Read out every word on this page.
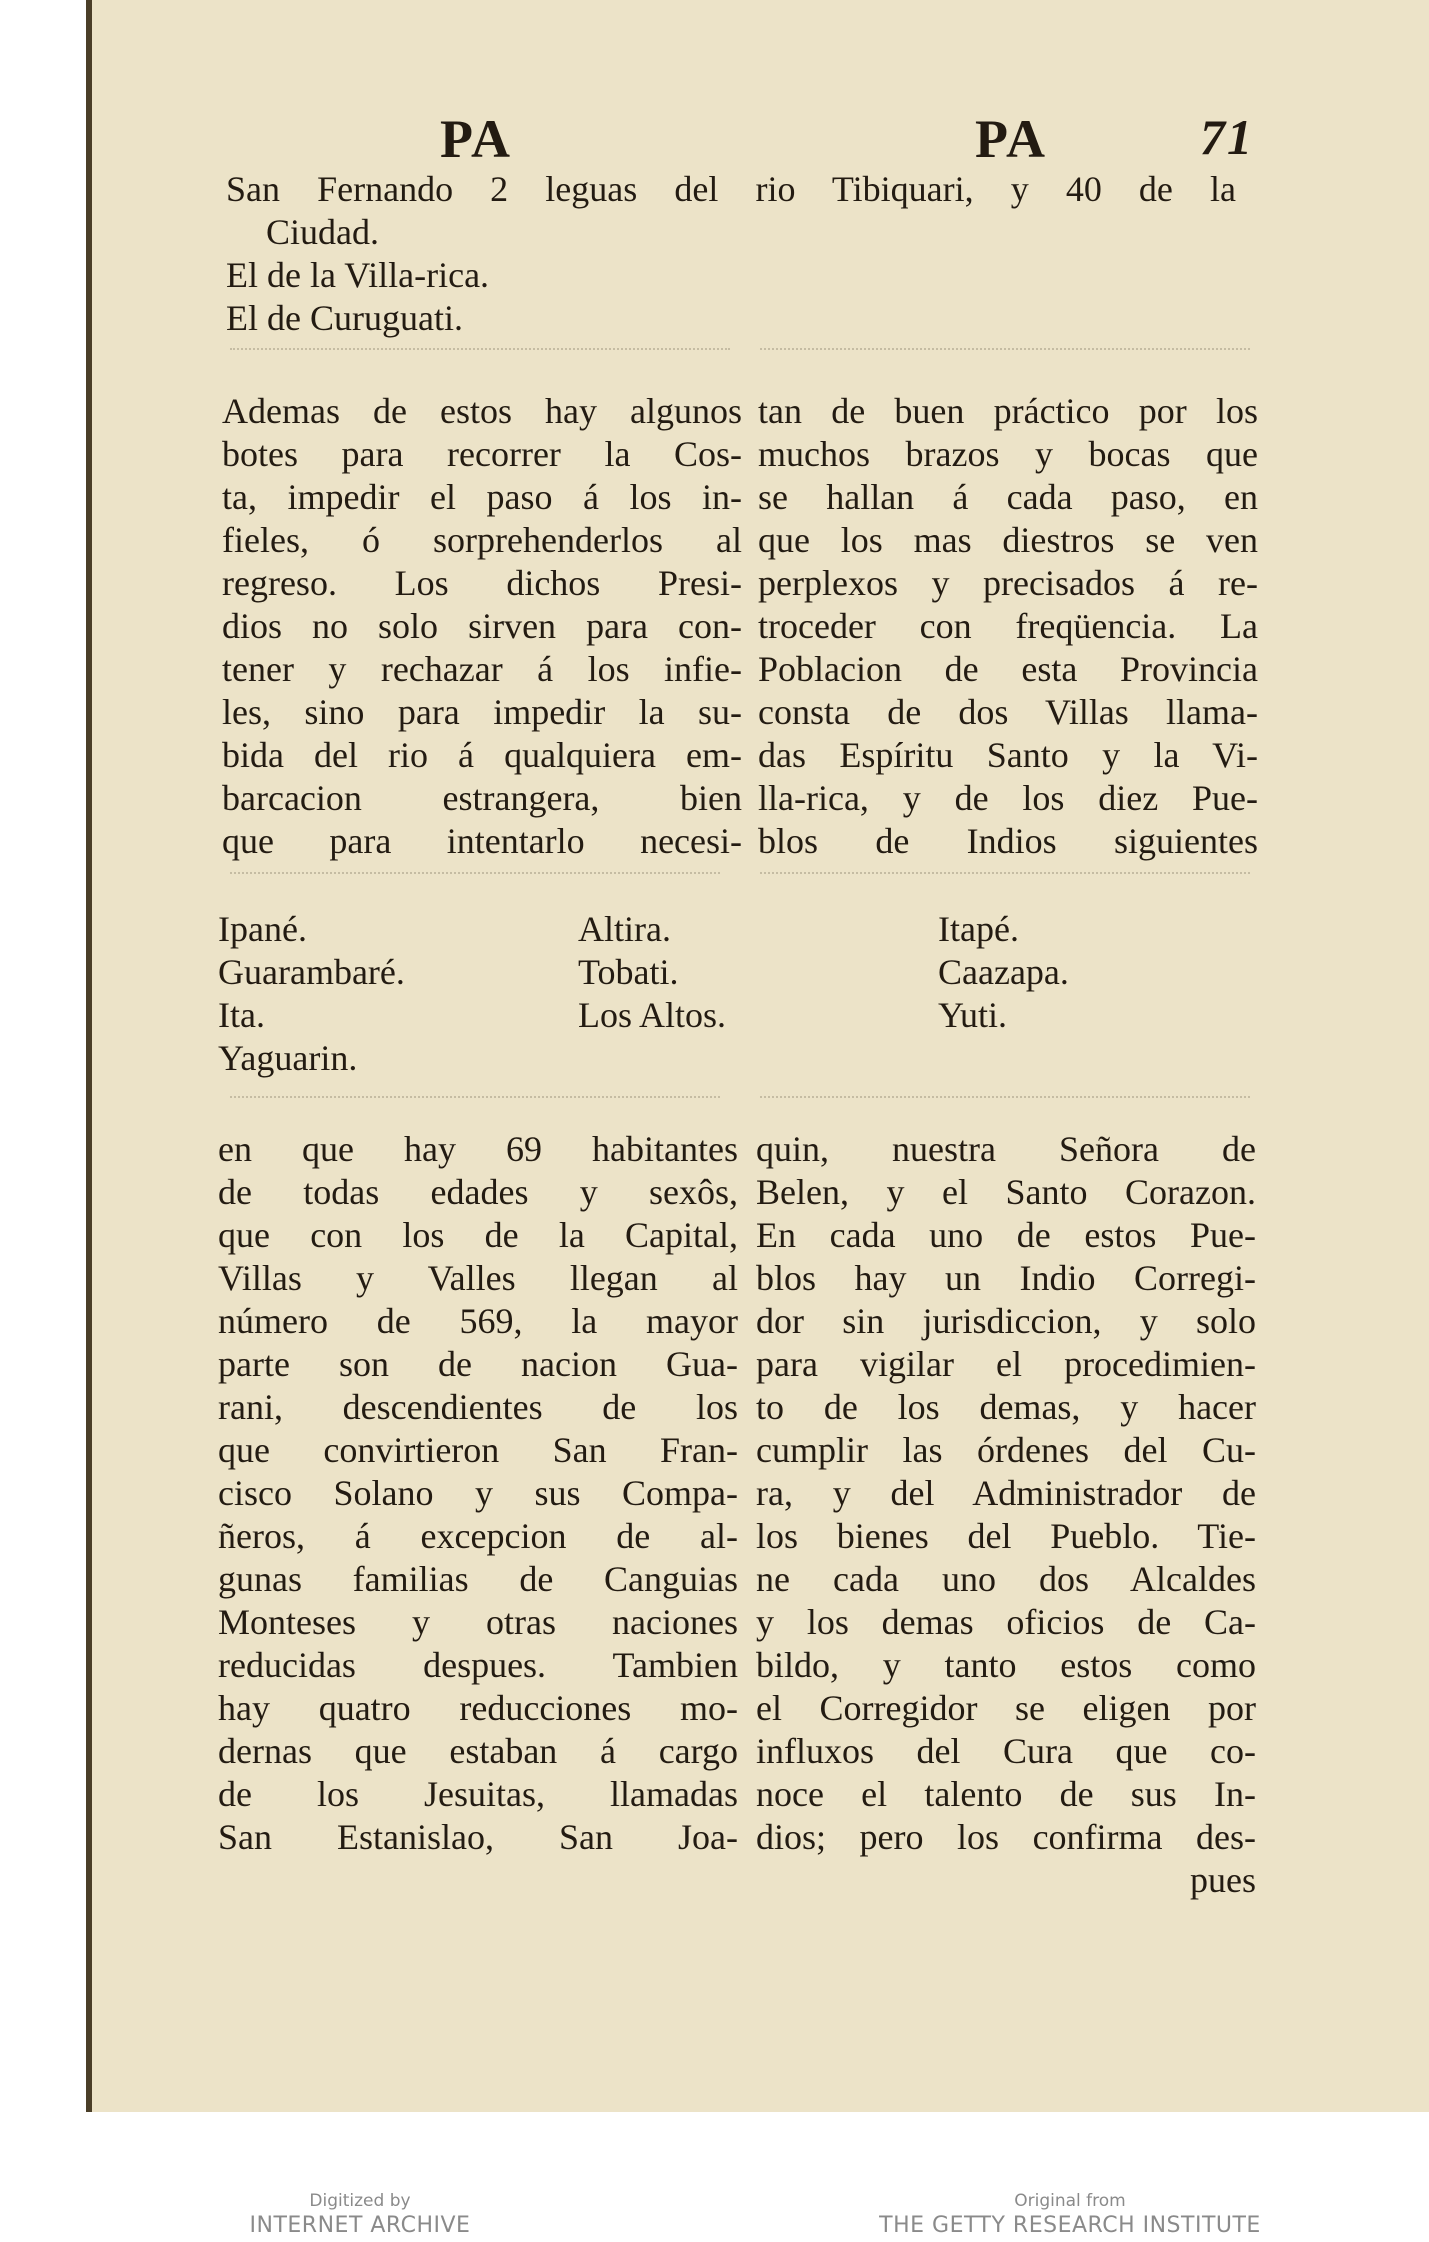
PA	PA	71
San Fernando 2 leguas del rio Tibiquari, y 40 de la
Ciudad.
El de la Villa-rica.
El de Curuguati.
Ademas de estos hay algunos
botes para recorrer la Cos-
ta, impedir el paso á los in-
fieles, ó sorprehenderlos al
regreso. Los dichos Presi-
dios no solo sirven para con-
tener y rechazar á los infie-
les, sino para impedir la su-
bida del rio á qualquiera em-
barcacion estrangera, bien
que para intentarlo necesi-
tan de buen práctico por los
muchos brazos y bocas que
se hallan á cada paso, en
que los mas diestros se ven
perplexos y precisados á re-
troceder con freqüencia. La
Poblacion de esta Provincia
consta de dos Villas llama-
das Espíritu Santo y la Vi-
lla-rica, y de los diez Pue-
blos de Indios siguientes
Ipané.	Altira.	Itapé.
Guarambaré.	Tobati.	Caazapa.
Ita.	Los Altos.	Yuti.
Yaguarin.
en que hay 69 habitantes
de todas edades y sexôs,
que con los de la Capital,
Villas y Valles llegan al
número de 569, la mayor
parte son de nacion Gua-
rani, descendientes de los
que convirtieron San Fran-
cisco Solano y sus Compa-
ñeros, á excepcion de al-
gunas familias de Canguias
Monteses y otras naciones
reducidas despues. Tambien
hay quatro reducciones mo-
dernas que estaban á cargo
de los Jesuitas, llamadas
San Estanislao, San Joa-
quin, nuestra Señora de
Belen, y el Santo Corazon.
En cada uno de estos Pue-
blos hay un Indio Corregi-
dor sin jurisdiccion, y solo
para vigilar el procedimien-
to de los demas, y hacer
cumplir las órdenes del Cu-
ra, y del Administrador de
los bienes del Pueblo. Tie-
ne cada uno dos Alcaldes
y los demas oficios de Ca-
bildo, y tanto estos como
el Corregidor se eligen por
influxos del Cura que co-
noce el talento de sus In-
dios; pero los confirma des-
pues

Digitized by
INTERNET ARCHIVE
Original from
THE GETTY RESEARCH INSTITUTE
